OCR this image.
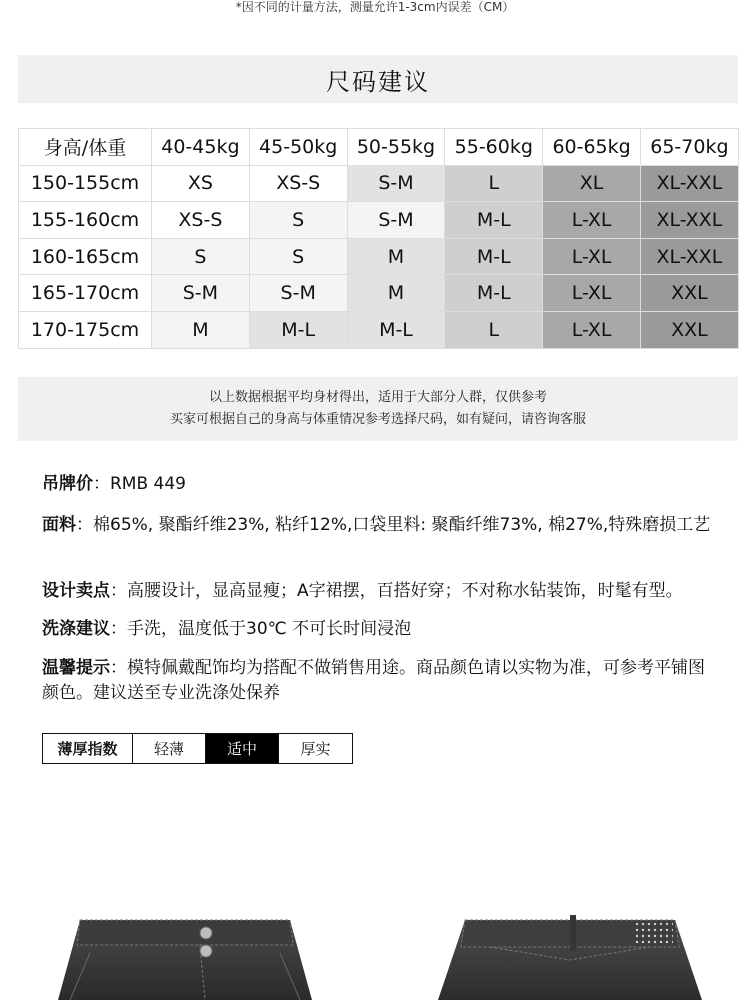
*因不同的计量方法，测量允许1-3cm内误差（CM）
尺码建议
身高/体重	40-45kg	45-50kg	50-55kg	55-60kg	60-65kg	65-70kg
150-155cm	XS	XS-S	S-M	L	XL	XL-XXL
155-160cm	XS-S	S	S-M	M-L	L-XL	XL-XXL
160-165cm	S	S	M	M-L	L-XL	XL-XXL
165-170cm	S-M	S-M	M	M-L	L-XL	XXL
170-175cm	M	M-L	M-L	L	L-XL	XXL
以上数据根据平均身材得出，适用于大部分人群，仅供参考
买家可根据自己的身高与体重情况参考选择尺码，如有疑问，请咨询客服
吊牌价：RMB 449
面料：棉65%, 聚酯纤维23%, 粘纤12%,口袋里料: 聚酯纤维73%, 棉27%,特殊磨损工艺
设计卖点：高腰设计，显高显瘦；A字裙摆，百搭好穿；不对称水钻装饰，时髦有型。
洗涤建议：手洗，温度低于30℃ 不可长时间浸泡
温馨提示：模特佩戴配饰均为搭配不做销售用途。商品颜色请以实物为准，可参考平铺图颜色。建议送至专业洗涤处保养
薄厚指数	轻薄	适中	厚实
